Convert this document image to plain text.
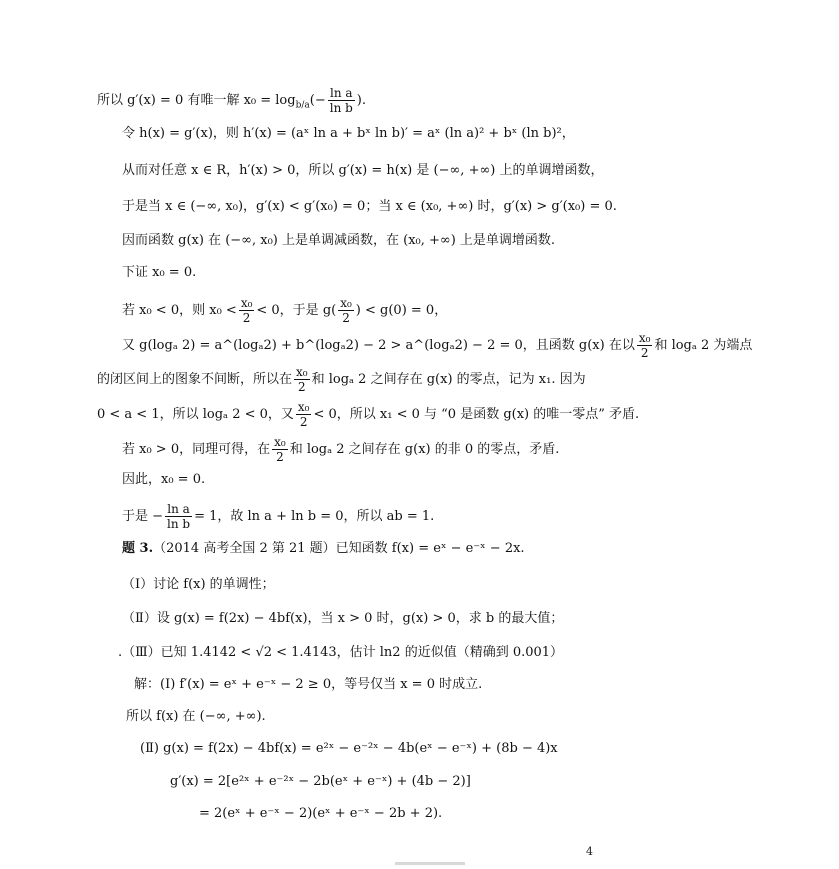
所以 g′(x) = 0 有唯一解 $x_0 = \log_{b/a}(- \frac{\text{ln a}}{\text{ln b}}$ ).
令 h(x) = g′(x)，则 h′(x) = (aˣ ln a + bˣ ln b)′ = aˣ (ln a)² + bˣ (ln b)²，
从而对任意 x ∈ R，h′(x) > 0，所以 g′(x) = h(x) 是 (−∞, +∞) 上的单调增函数，
于是当 x ∈ (−∞, x₀)，g′(x) < g′(x₀) = 0；当 x ∈ (x₀, +∞) 时，g′(x) > g′(x₀) = 0.
因而函数 g(x) 在 (−∞, x₀) 上是单调减函数，在 (x₀, +∞) 上是单调增函数.
下证 x₀ = 0.
若 x₀ < 0，则 $x_0 < \frac{\text{x₀}}{2} < 0$，于是 $g( \frac{\text{x₀}}{2}$ ) < g(0) = 0，
又 g(logₐ 2) = a^(logₐ2) + b^(logₐ2) − 2 > a^(logₐ2) − 2 = 0，且函数 g(x) 在以 $\frac{\text{x₀}}{2}$ 和 logₐ 2 为端点
的闭区间上的图象不间断，所以在 $\frac{\text{x₀}}{2}$ 和 logₐ 2 之间存在 g(x) 的零点，记为 x₁. 因为
0 < a < 1，所以 logₐ 2 < 0，又 $\frac{\text{x₀}}{2} < 0$，所以 x₁ < 0 与 “0 是函数 g(x) 的唯一零点” 矛盾.
若 x₀ > 0，同理可得，在 $\frac{\text{x₀}}{2}$ 和 logₐ 2 之间存在 g(x) 的非 0 的零点，矛盾.
因此，x₀ = 0.
于是 − $\frac{\text{ln a}}{\text{ln b}} = 1$，故 ln a + ln b = 0，所以 ab = 1.
题 3.（2014 高考全国 2 第 21 题）已知函数 f(x) = eˣ − e⁻ˣ − 2x.
（Ⅰ）讨论 f(x) 的单调性；
（Ⅱ）设 g(x) = f(2x) − 4bf(x)，当 x > 0 时，g(x) > 0，求 b 的最大值；
.（Ⅲ）已知 1.4142 < √2 < 1.4143，估计 ln2 的近似值（精确到 0.001）
解：(Ⅰ) f′(x) = eˣ + e⁻ˣ − 2 ≥ 0，等号仅当 x = 0 时成立.
所以 f(x) 在 (−∞, +∞).
(Ⅱ) g(x) = f(2x) − 4bf(x) = e²ˣ − e⁻²ˣ − 4b(eˣ − e⁻ˣ) + (8b − 4)x
g′(x) = 2[e²ˣ + e⁻²ˣ − 2b(eˣ + e⁻ˣ) + (4b − 2)]
= 2(eˣ + e⁻ˣ − 2)(eˣ + e⁻ˣ − 2b + 2).
4
